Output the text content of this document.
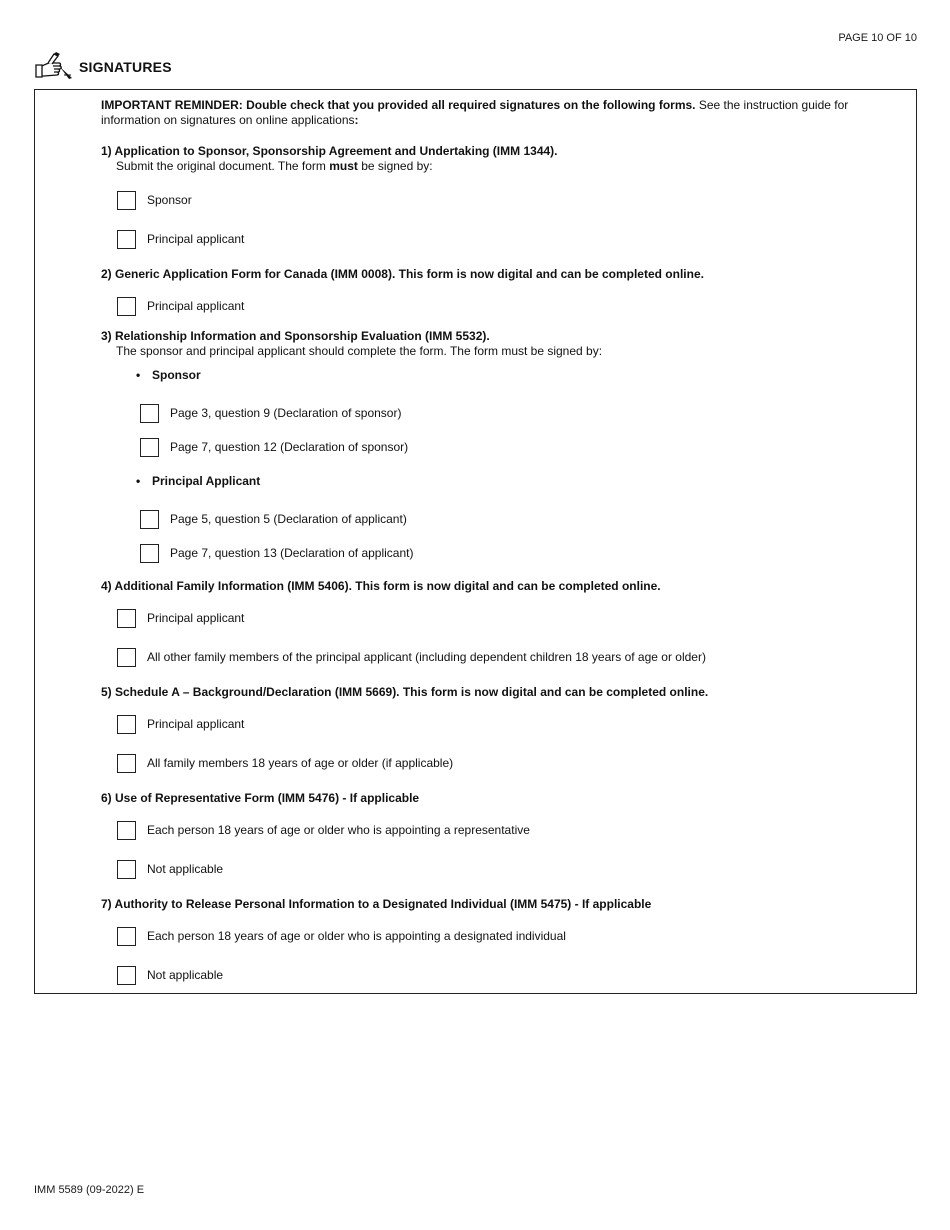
PAGE 10 OF 10
SIGNATURES
IMPORTANT REMINDER: Double check that you provided all required signatures on the following forms. See the instruction guide for information on signatures on online applications:
1) Application to Sponsor, Sponsorship Agreement and Undertaking (IMM 1344).
Submit the original document. The form must be signed by:
Sponsor
Principal applicant
2) Generic Application Form for Canada (IMM 0008). This form is now digital and can be completed online.
Principal applicant
3) Relationship Information and Sponsorship Evaluation (IMM 5532).
The sponsor and principal applicant should complete the form. The form must be signed by:
• Sponsor
Page 3, question 9 (Declaration of sponsor)
Page 7, question 12 (Declaration of sponsor)
• Principal Applicant
Page 5, question 5 (Declaration of applicant)
Page 7, question 13 (Declaration of applicant)
4) Additional Family Information (IMM 5406). This form is now digital and can be completed online.
Principal applicant
All other family members of the principal applicant (including dependent children 18 years of age or older)
5) Schedule A – Background/Declaration (IMM 5669). This form is now digital and can be completed online.
Principal applicant
All family members 18 years of age or older (if applicable)
6) Use of Representative Form (IMM 5476) - If applicable
Each person 18 years of age or older who is appointing a representative
Not applicable
7) Authority to Release Personal Information to a Designated Individual (IMM 5475) - If applicable
Each person 18 years of age or older who is appointing a designated individual
Not applicable
IMM 5589 (09-2022) E
